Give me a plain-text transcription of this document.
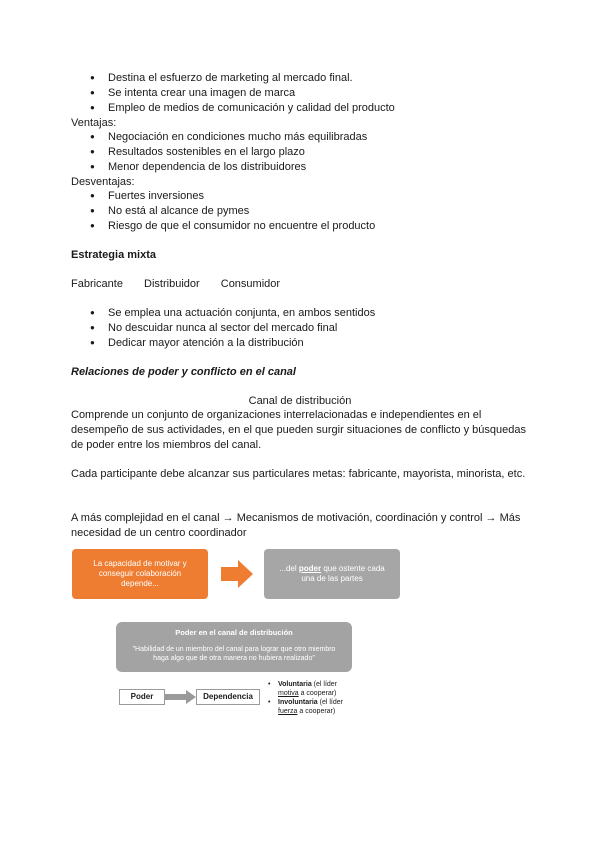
● Destina el esfuerzo de marketing al mercado final.
● Se intenta crear una imagen de marca
● Empleo de medios de comunicación y calidad del producto
Ventajas:
● Negociación en condiciones mucho más equilibradas
● Resultados sostenibles en el largo plazo
● Menor dependencia de los distribuidores
Desventajas:
● Fuertes inversiones
● No está al alcance de pymes
● Riesgo de que el consumidor no encuentre el producto
Estrategia mixta
Fabricante Distribuidor Consumidor
● Se emplea una actuación conjunta, en ambos sentidos
● No descuidar nunca al sector del mercado final
● Dedicar mayor atención a la distribución
Relaciones de poder y conflicto en el canal
Canal de distribución
Comprende un conjunto de organizaciones interrelacionadas e independientes en el desempeño de sus actividades, en el que pueden surgir situaciones de conflicto y búsquedas de poder entre los miembros del canal.
Cada participante debe alcanzar sus particulares metas: fabricante, mayorista, minorista, etc.
A más complejidad en el canal → Mecanismos de motivación, coordinación y control → Más necesidad de un centro coordinador
La capacidad de motivar y conseguir colaboración depende...
...del poder que ostente cada una de las partes
Poder en el canal de distribución
"Habilidad de un miembro del canal para lograr que otro miembro haga algo que de otra manera no hubiera realizado"
Poder	Dependencia
• Voluntaria (el líder
motiva a cooperar)
• Involuntaria (el líder
fuerza a cooperar)
